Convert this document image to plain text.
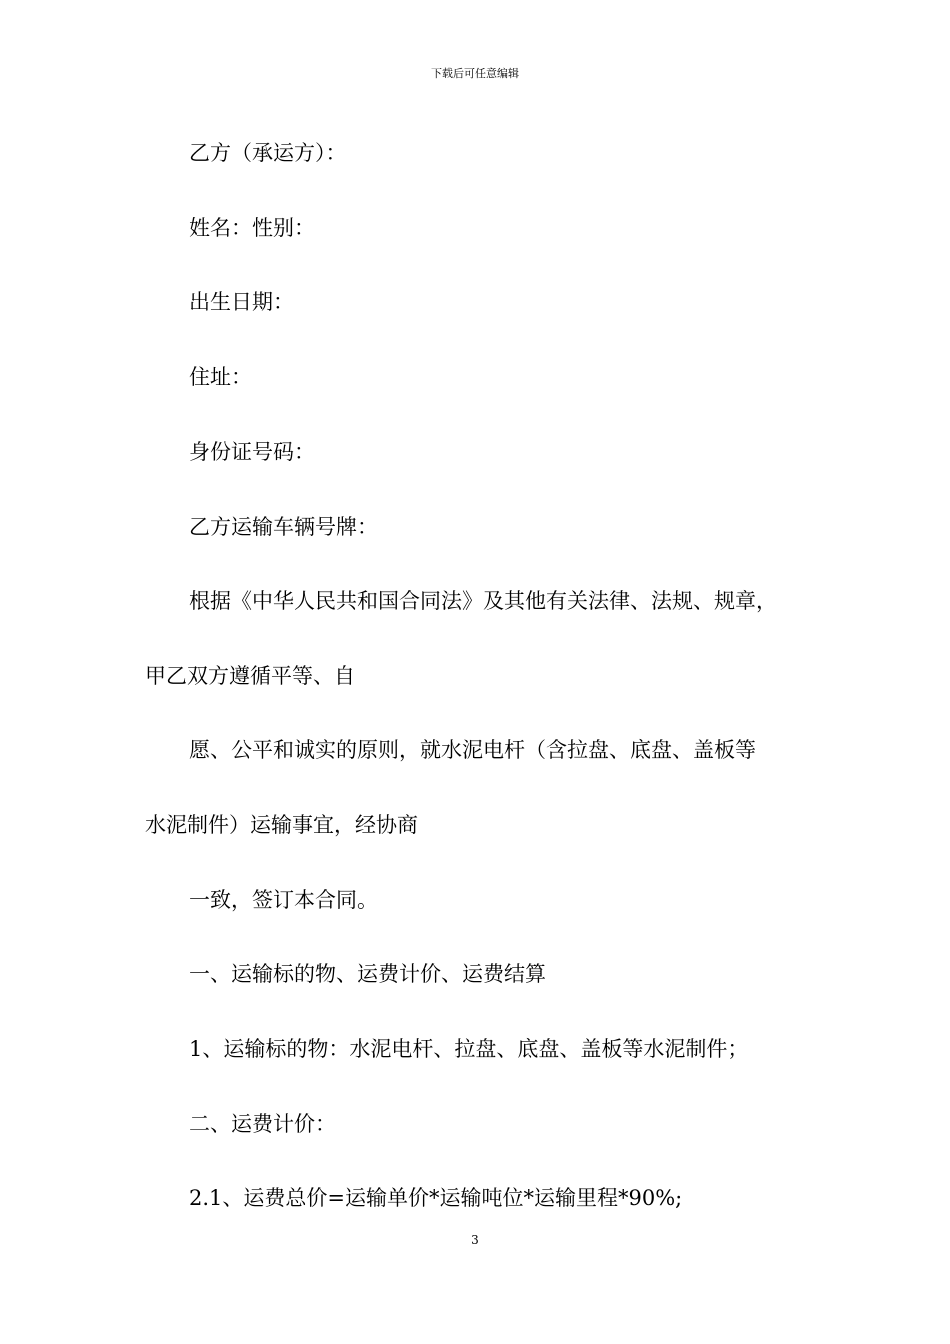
下载后可任意编辑
乙方（承运方）：
姓名：性别：
出生日期：
住址：
身份证号码：
乙方运输车辆号牌：
根据《中华人民共和国合同法》及其他有关法律、法规、规章，
甲乙双方遵循平等、自
愿、公平和诚实的原则，就水泥电杆（含拉盘、底盘、盖板等
水泥制件）运输事宜，经协商
一致，签订本合同。
一、运输标的物、运费计价、运费结算
1、运输标的物：水泥电杆、拉盘、底盘、盖板等水泥制件；
二、运费计价：
2.1、运费总价=运输单价*运输吨位*运输里程*90%;
3
